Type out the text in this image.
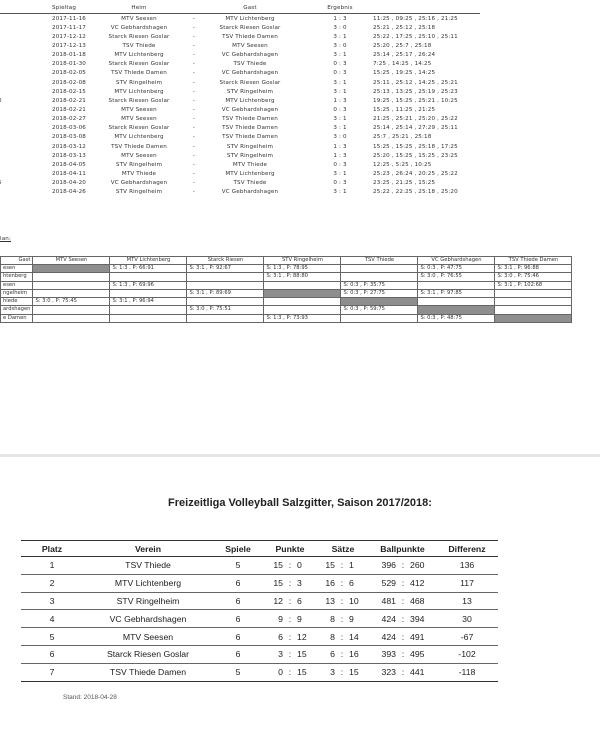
Spieltag	Heim	Gast	Ergebnis
2017-11-16	MTV Seesen	-	MTV Lichtenberg	1 : 3	11:25 , 09:25 , 25:16 , 21:25
2017-11-17	VC Gebhardshagen	-	Starck Riesen Goslar	3 : 0	25:21 , 25:12 , 25:18
2017-12-12	Starck Riesen Goslar	-	TSV Thiede Damen	3 : 1	25:22 , 17:25 , 25:10 , 25:11
2017-12-13	TSV Thiede	-	MTV Seesen	3 : 0	25:20 , 25:7 , 25:18
2018-01-18	MTV Lichtenberg	-	VC Gebhardshagen	3 : 1	25:14 , 25:17 , 26:24
2018-01-30	Starck Riesen Goslar	-	TSV Thiede	0 : 3	7:25 , 14:25 , 14:25
2018-02-05	TSV Thiede Damen	-	VC Gebhardshagen	0 : 3	15:25 , 19:25 , 14:25
2018-02-08	STV Ringelheim	-	Starck Riesen Goslar	3 : 1	25:11 , 25:12 , 14:25 , 25:21
2018-02-15	MTV Lichtenberg	-	STV Ringelheim	3 : 1	25:13 , 13:25 , 25:19 , 25:23
2018-02-21	Starck Riesen Goslar	-	MTV Lichtenberg	1 : 3	19:25 , 15:25 , 25:21 , 10:25
2018-02-21	MTV Seesen	-	VC Gebhardshagen	0 : 3	15:25 , 11:25 , 21:25
2018-02-27	MTV Seesen	-	TSV Thiede Damen	3 : 1	21:25 , 25:21 , 25:20 , 25:22
2018-03-06	Starck Riesen Goslar	-	TSV Thiede Damen	3 : 1	25:14 , 25:14 , 27:29 , 25:11
2018-03-08	MTV Lichtenberg	-	TSV Thiede Damen	3 : 0	25:7 , 25:21 , 25:18
2018-03-12	TSV Thiede Damen	-	STV Ringelheim	1 : 3	15:25 , 15:25 , 25:18 , 17:25
2018-03-13	MTV Seesen	-	STV Ringelheim	1 : 3	25:20 , 15:25 , 15:25 , 23:25
2018-04-05	STV Ringelheim	-	MTV Thiede	0 : 3	12:25 , 5:25 , 10:25
2018-04-11	MTV Thiede	-	MTV Lichtenberg	3 : 1	25:23 , 26:24 , 20:25 , 25:22
2018-04-20	VC Gebhardshagen	-	TSV Thiede	0 : 3	23:25 , 21:25 , 15:25
2018-04-26	STV Ringelheim	-	VC Gebhardshagen	3 : 1	25:22 , 22:25 , 25:18 , 25:20
lan:
Gast	MTV Seesen	MTV Lichtenberg	Starck Riesen	STV Ringelheim	TSV Thiede	VC Gebhardshagen	TSV Thiede Damen
esen		S: 1:3 , P: 66:91	S: 3:1 , P: 92:67	S: 1:3 , P: 78:95		S: 0:3 , P: 47:75	S: 3:1 , P: 96:88
htenberg				S: 3:1 , P: 88:80		S: 3:0 , P: 76:55	S: 3:0 , P: 75:46
esen		S: 1:3 , P: 69:96			S: 0:3 , P: 35:75		S: 3:1 , P: 102:68
ngelheim			S: 3:1 , P: 89:69		S: 0:3 , P: 27:75	S: 3:1 , P: 97:85	
hiede	S: 3:0 , P: 75:45	S: 3:1 , P: 96:94					
ardshagen			S: 3:0 , P: 75:51		S: 0:3 , P: 59:75		
e Damen				S: 1:3 , P: 73:93		S: 0:3 , P: 48:75	
Freizeitliga Volleyball Salzgitter, Saison 2017/2018:
Platz	Verein	Spiele	Punkte			Sätze			Ballpunkte			Differenz
1	TSV Thiede	5	15	:	0	15	:	1	396	:	260	136
2	MTV Lichtenberg	6	15	:	3	16	:	6	529	:	412	117
3	STV Ringelheim	6	12	:	6	13	:	10	481	:	468	13
4	VC Gebhardshagen	6	9	:	9	8	:	9	424	:	394	30
5	MTV Seesen	6	6	:	12	8	:	14	424	:	491	-67
6	Starck Riesen Goslar	6	3	:	15	6	:	16	393	:	495	-102
7	TSV Thiede Damen	5	0	:	15	3	:	15	323	:	441	-118
Stand: 2018-04-28
